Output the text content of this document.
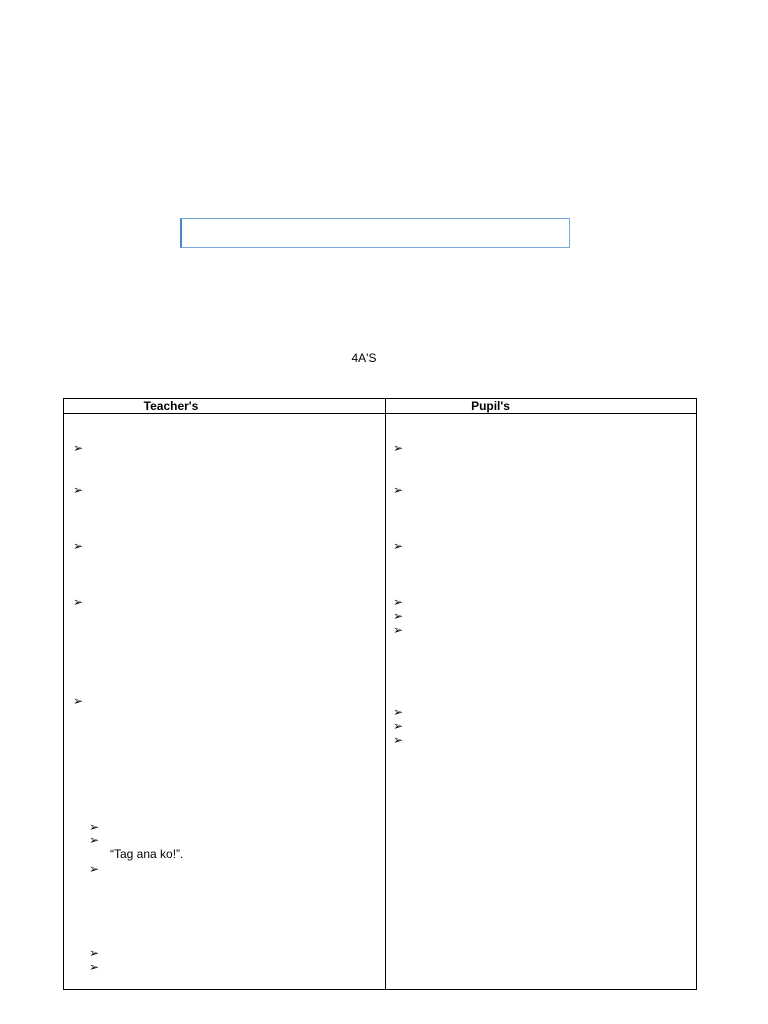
4A'S
Teacher's	Pupil's
➢
➢
➢
➢
➢
➢
➢
“Tag ana ko!”.
➢
➢
➢
➢
➢
➢
➢
➢
➢
➢
➢
➢
